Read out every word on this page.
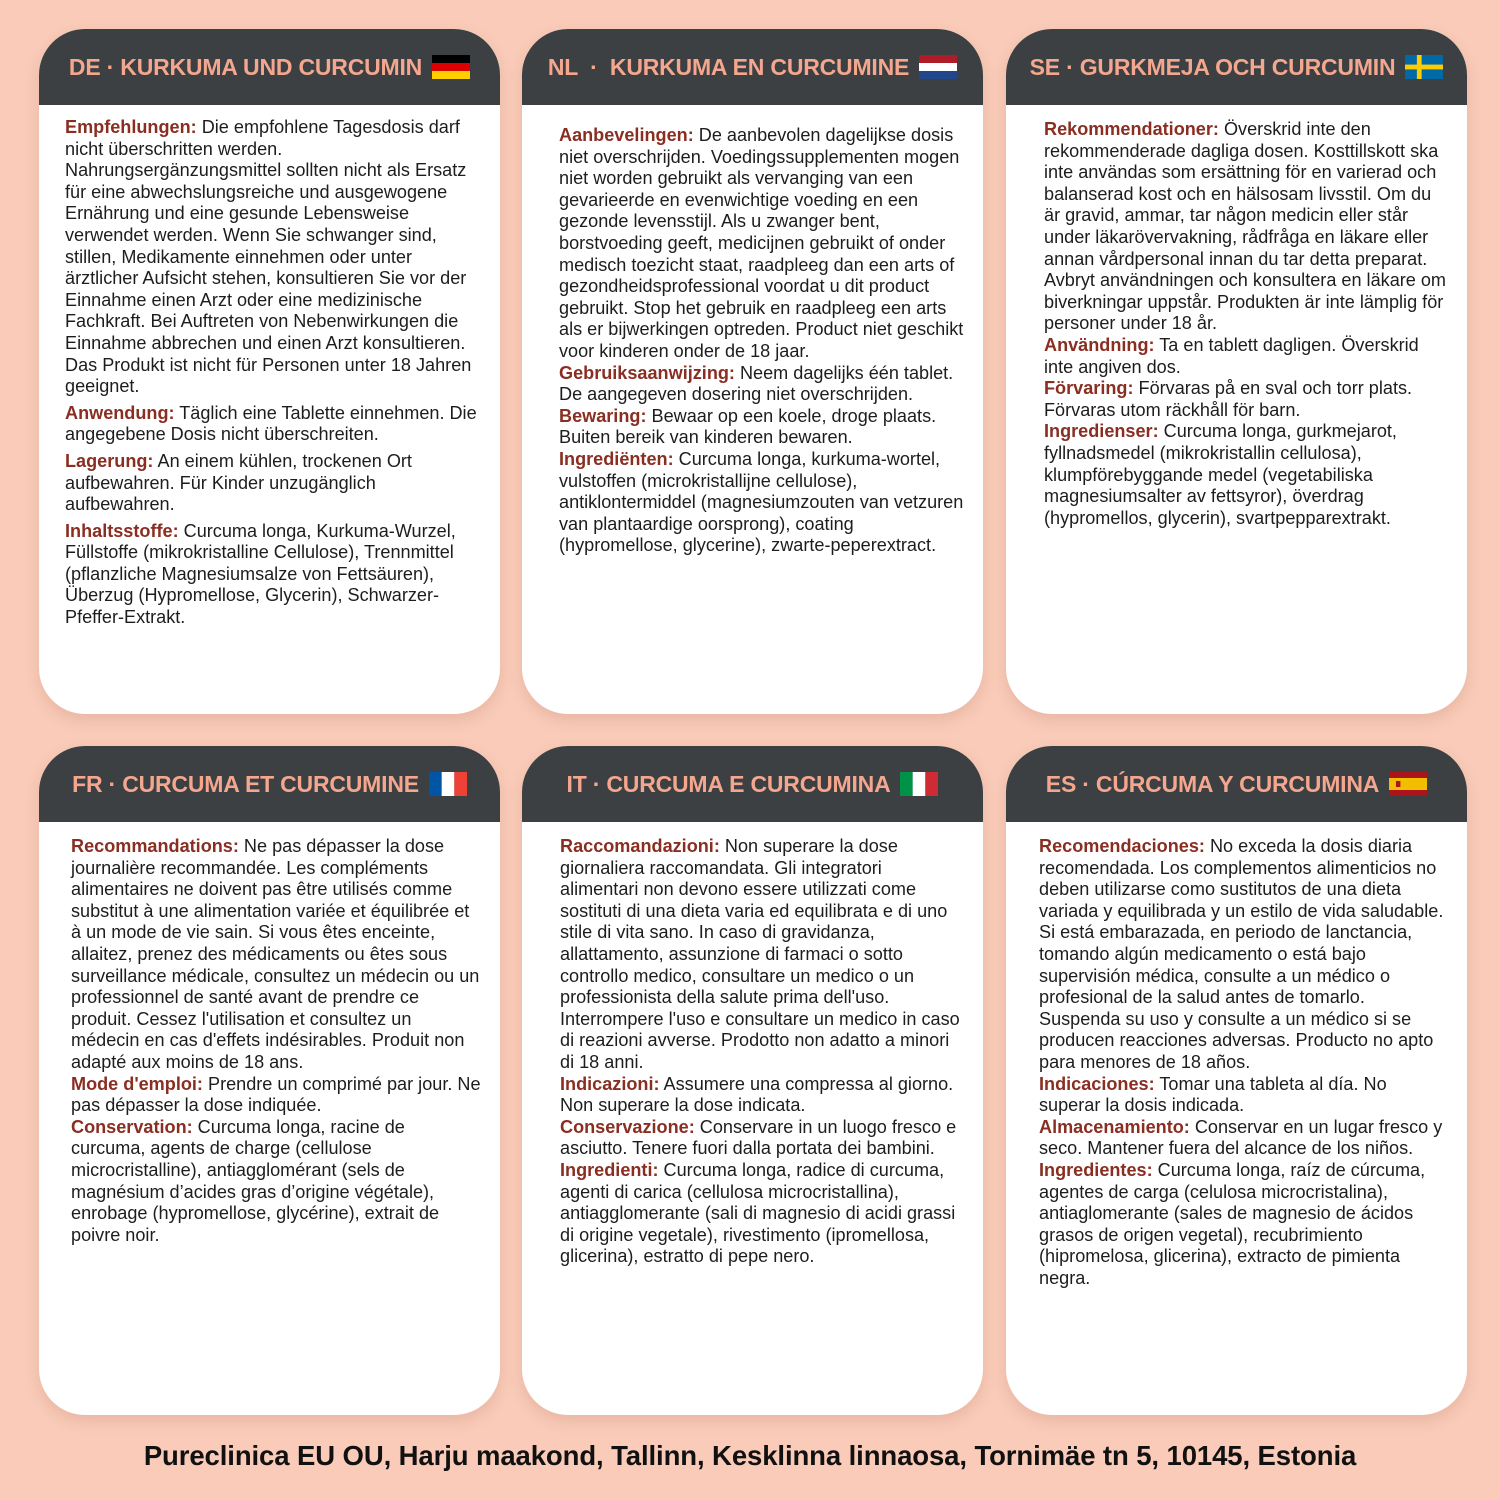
DE · KURKUMA UND CURCUMIN

Empfehlungen: Die empfohlene Tagesdosis darf nicht überschritten werden. Nahrungsergänzungsmittel sollten nicht als Ersatz für eine abwechslungsreiche und ausgewogene Ernährung und eine gesunde Lebensweise verwendet werden. Wenn Sie schwanger sind, stillen, Medikamente einnehmen oder unter ärztlicher Aufsicht stehen, konsultieren Sie vor der Einnahme einen Arzt oder eine medizinische Fachkraft. Bei Auftreten von Nebenwirkungen die Einnahme abbrechen und einen Arzt konsultieren. Das Produkt ist nicht für Personen unter 18 Jahren geeignet.

Anwendung: Täglich eine Tablette einnehmen. Die angegebene Dosis nicht überschreiten.

Lagerung: An einem kühlen, trockenen Ort aufbewahren. Für Kinder unzugänglich aufbewahren.

Inhaltsstoffe: Curcuma longa, Kurkuma-Wurzel, Füllstoffe (mikrokristalline Cellulose), Trennmittel (pflanzliche Magnesiumsalze von Fettsäuren), Überzug (Hypromellose, Glycerin), Schwarzer-Pfeffer-Extrakt.

NL  ·  KURKUMA EN CURCUMINE

Aanbevelingen: De aanbevolen dagelijkse dosis niet overschrijden. Voedingssupplementen mogen niet worden gebruikt als vervanging van een gevarieerde en evenwichtige voeding en een gezonde levensstijl. Als u zwanger bent, borstvoeding geeft, medicijnen gebruikt of onder medisch toezicht staat, raadpleeg dan een arts of gezondheidsprofessional voordat u dit product gebruikt. Stop het gebruik en raadpleeg een arts als er bijwerkingen optreden. Product niet geschikt voor kinderen onder de 18 jaar.

Gebruiksaanwijzing: Neem dagelijks één tablet. De aangegeven dosering niet overschrijden.

Bewaring: Bewaar op een koele, droge plaats. Buiten bereik van kinderen bewaren.

Ingrediënten: Curcuma longa, kurkuma-wortel, vulstoffen (microkristallijne cellulose), antiklontermiddel (magnesiumzouten van vetzuren van plantaardige oorsprong), coating (hypromellose, glycerine), zwarte-peperextract.

SE · GURKMEJA OCH CURCUMIN

Rekommendationer: Överskrid inte den rekommenderade dagliga dosen. Kosttillskott ska inte användas som ersättning för en varierad och balanserad kost och en hälsosam livsstil. Om du är gravid, ammar, tar någon medicin eller står under läkarövervakning, rådfråga en läkare eller annan vårdpersonal innan du tar detta preparat. Avbryt användningen och konsultera en läkare om biverkningar uppstår. Produkten är inte lämplig för personer under 18 år.

Användning: Ta en tablett dagligen. Överskrid inte angiven dos.

Förvaring: Förvaras på en sval och torr plats. Förvaras utom räckhåll för barn.

Ingredienser: Curcuma longa, gurkmejarot, fyllnadsmedel (mikrokristallin cellulosa), klumpförebyggande medel (vegetabiliska magnesiumsalter av fettsyror), överdrag (hypromellos, glycerin), svartpepparextrakt.

FR · CURCUMA ET CURCUMINE

Recommandations: Ne pas dépasser la dose journalière recommandée. Les compléments alimentaires ne doivent pas être utilisés comme substitut à une alimentation variée et équilibrée et à un mode de vie sain. Si vous êtes enceinte, allaitez, prenez des médicaments ou êtes sous surveillance médicale, consultez un médecin ou un professionnel de santé avant de prendre ce produit. Cessez l'utilisation et consultez un médecin en cas d'effets indésirables. Produit non adapté aux moins de 18 ans.

Mode d'emploi: Prendre un comprimé par jour. Ne pas dépasser la dose indiquée.

Conservation: Curcuma longa, racine de curcuma, agents de charge (cellulose microcristalline), antiagglomérant (sels de magnésium d’acides gras d’origine végétale), enrobage (hypromellose, glycérine), extrait de poivre noir.

IT · CURCUMA E CURCUMINA

Raccomandazioni: Non superare la dose giornaliera raccomandata. Gli integratori alimentari non devono essere utilizzati come sostituti di una dieta varia ed equilibrata e di uno stile di vita sano. In caso di gravidanza, allattamento, assunzione di farmaci o sotto controllo medico, consultare un medico o un professionista della salute prima dell'uso. Interrompere l'uso e consultare un medico in caso di reazioni avverse. Prodotto non adatto a minori di 18 anni.

Indicazioni: Assumere una compressa al giorno. Non superare la dose indicata.

Conservazione: Conservare in un luogo fresco e asciutto. Tenere fuori dalla portata dei bambini.

Ingredienti: Curcuma longa, radice di curcuma, agenti di carica (cellulosa microcristallina), antiagglomerante (sali di magnesio di acidi grassi di origine vegetale), rivestimento (ipromellosa, glicerina), estratto di pepe nero.

ES · CÚRCUMA Y CURCUMINA

Recomendaciones: No exceda la dosis diaria recomendada. Los complementos alimenticios no deben utilizarse como sustitutos de una dieta variada y equilibrada y un estilo de vida saludable. Si está embarazada, en periodo de lanctancia, tomando algún medicamento o está bajo supervisión médica, consulte a un médico o profesional de la salud antes de tomarlo. Suspenda su uso y consulte a un médico si se producen reacciones adversas. Producto no apto para menores de 18 años.

Indicaciones: Tomar una tableta al día. No superar la dosis indicada.

Almacenamiento: Conservar en un lugar fresco y seco. Mantener fuera del alcance de los niños.

Ingredientes: Curcuma longa, raíz de cúrcuma, agentes de carga (celulosa microcristalina), antiaglomerante (sales de magnesio de ácidos grasos de origen vegetal), recubrimiento (hipromelosa, glicerina), extracto de pimienta negra.

Pureclinica EU OU, Harju maakond, Tallinn, Kesklinna linnaosa, Tornimäe tn 5, 10145, Estonia
